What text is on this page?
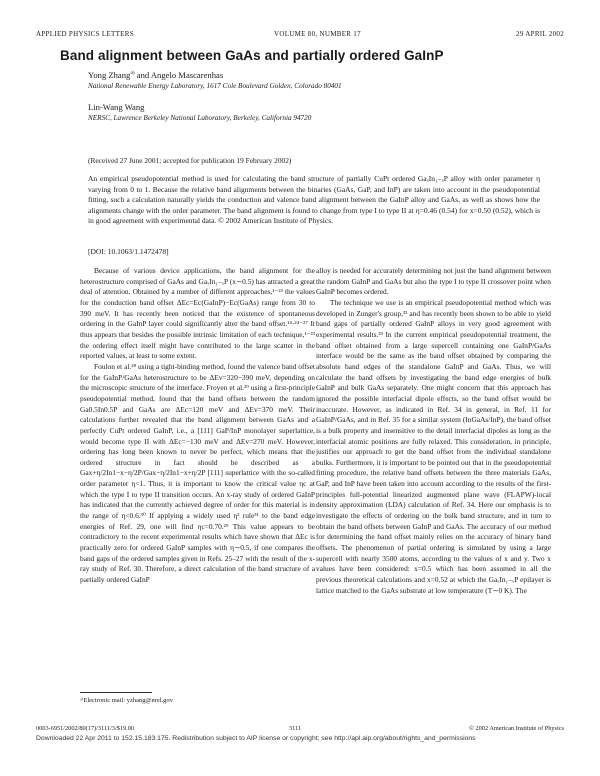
APPLIED PHYSICS LETTERS	VOLUME 80, NUMBER 17	29 APRIL 2002
Band alignment between GaAs and partially ordered GaInP
Yong Zhang$^{a)}$ and Angelo Mascarenhas
National Renewable Energy Laboratory, 1617 Cole Boulevard Golden, Colorado 80401
Lin-Wang Wang
NERSC, Lawrence Berkeley National Laboratory, Berkeley, California 94720
(Received 27 June 2001; accepted for publication 19 February 2002)
An empirical pseudopotential method is used for calculating the band structure of partially CuPt ordered GaₓIn₁₋ₓP alloy with order parameter η varying from 0 to 1. Because the relative band alignments between the binaries (GaAs, GaP, and InP) are taken into account in the pseudopotential fitting, such a calculation naturally yields the conduction and valence band alignment between the GaInP alloy and GaAs, as well as shows how the alignments change with the order parameter. The band alignment is found to change from type I to type II at η=0.46 (0.54) for x=0.50 (0.52), which is in good agreement with experimental data. © 2002 American Institute of Physics.
[DOI: 10.1063/1.1472478]

Because of various device applications, the band alignment for the heterostructure comprised of GaAs and GaₓIn₁₋ₓP (x∼0.5) has attracted a great deal of attention. Obtained by a number of different approaches,¹⁻²³ the values for the conduction band offset ΔEc=Ec(GaInP)−Ec(GaAs) range from 30 to 390 meV. It has recently been noticed that the existence of spontaneous ordering in the GaInP layer could significantly alter the band offset.¹⁴·²⁴⁻²⁷ It thus appears that besides the possible intrinsic limitation of each technique,¹⁻²³ the ordering effect itself might have contributed to the large scatter in the reported values, at least to some extent.

Foulon et al.²⁸ using a tight-binding method, found the valence band offset for the GaInP/GaAs heterostructure to be ΔEv=320−390 meV, depending on the microscopic structure of the interface. Froyen et al.²⁹ using a first-principle pseudopotential method, found that the band offsets between the random Ga0.5In0.5P and GaAs are ΔEc=120 meV and ΔEv=370 meV. Their calculations further revealed that the band alignment between GaAs and a perfectly CuPt ordered GaInP, i.e., a [111] GaP/InP monolayer superlattice, would become type II with ΔEc=−130 meV and ΔEv=270 meV. However, ordering has long been known to never be perfect, which means that the ordered structure in fact should be described as a Gax+η/2In1−x−η/2P/Gax−η/2In1−x+η/2P [111] superlattice with the so-called order parameter η<1. Thus, it is important to know the critical value ηc at which the type I to type II transition occurs. An x-ray study of ordered GaInP has indicated that the currently achieved degree of order for this material is in the range of η<0.6.³⁰ If applying a widely used η² rule³¹ to the band edge energies of Ref. 29, one will find ηc=0.70.²⁹ This value appears to be contradictory to the recent experimental results which have shown that ΔEc is practically zero for ordered GaInP samples with η∼0.5, if one compares the band gaps of the ordered samples given in Refs. 25–27 with the result of the x-ray study of Ref. 30. Therefore, a direct calculation of the band structure of a partially ordered GaInP

alloy is needed for accurately determining not just the band alignment between the random GaInP and GaAs but also the type I to type II crossover point when GaInP becomes ordered.

The technique we use is an empirical pseudopotential method which was developed in Zunger's group,³² and has recently been shown to be able to yield band gaps of partially ordered GaInP alloys in very good agreement with experimental results.³³ In the current empirical pseudopotential treatment, the band offset obtained from a large supercell containing one GaInP/GaAs interface would be the same as the band offset obtained by comparing the absolute band edges of the standalone GaInP and GaAs. Thus, we will calculate the band offsets by investigating the band edge energies of bulk GaInP and bulk GaAs separately. One might concern that this approach has ignored the possible interfacial dipole effects, so the band offset would be inaccurate. However, as indicated in Ref. 34 in general, in Ref. 11 for GaInP/GaAs, and in Ref. 35 for a similar system (InGaAs/InP), the band offset is a bulk property and insensitive to the detail interfacial dipoles as long as the interfacial atomic positions are fully relaxed. This consideration, in principle, justifies our approach to get the band offset from the individual standalone bulks. Furthermore, it is important to be pointed out that in the pseudopotential fitting procedure, the relative band offsets between the three materials GaAs, GaP, and InP have been taken into account according to the results of the first-principles full-potential linearized augmented plane wave (FLAPW)-local density approximation (LDA) calculation of Ref. 34. Here our emphasis is to investigate the effects of ordering on the bulk band structure, and in turn to obtain the band offsets between GaInP and GaAs. The accuracy of our method for determining the band offset mainly relies on the accuracy of binary band offsets. The phenomenon of partial ordering is simulated by using a large supercell with nearly 3500 atoms, according to the values of x and y. Two x values have been considered: x=0.5 which has been assumed in all the previous theoretical calculations and x=0.52 at which the GaₓIn₁₋ₓP epilayer is lattice matched to the GaAs substrate at low temperature (T∼0 K). The

ᵃ⁾Electronic mail: yzhang@nrel.gov
0003-6951/2002/80(17)/3111/3/$19.00	3111	© 2002 American Institute of Physics
Downloaded 22 Apr 2011 to 152.15.183.175. Redistribution subject to AIP license or copyright; see http://apl.aip.org/about/rights_and_permissions
